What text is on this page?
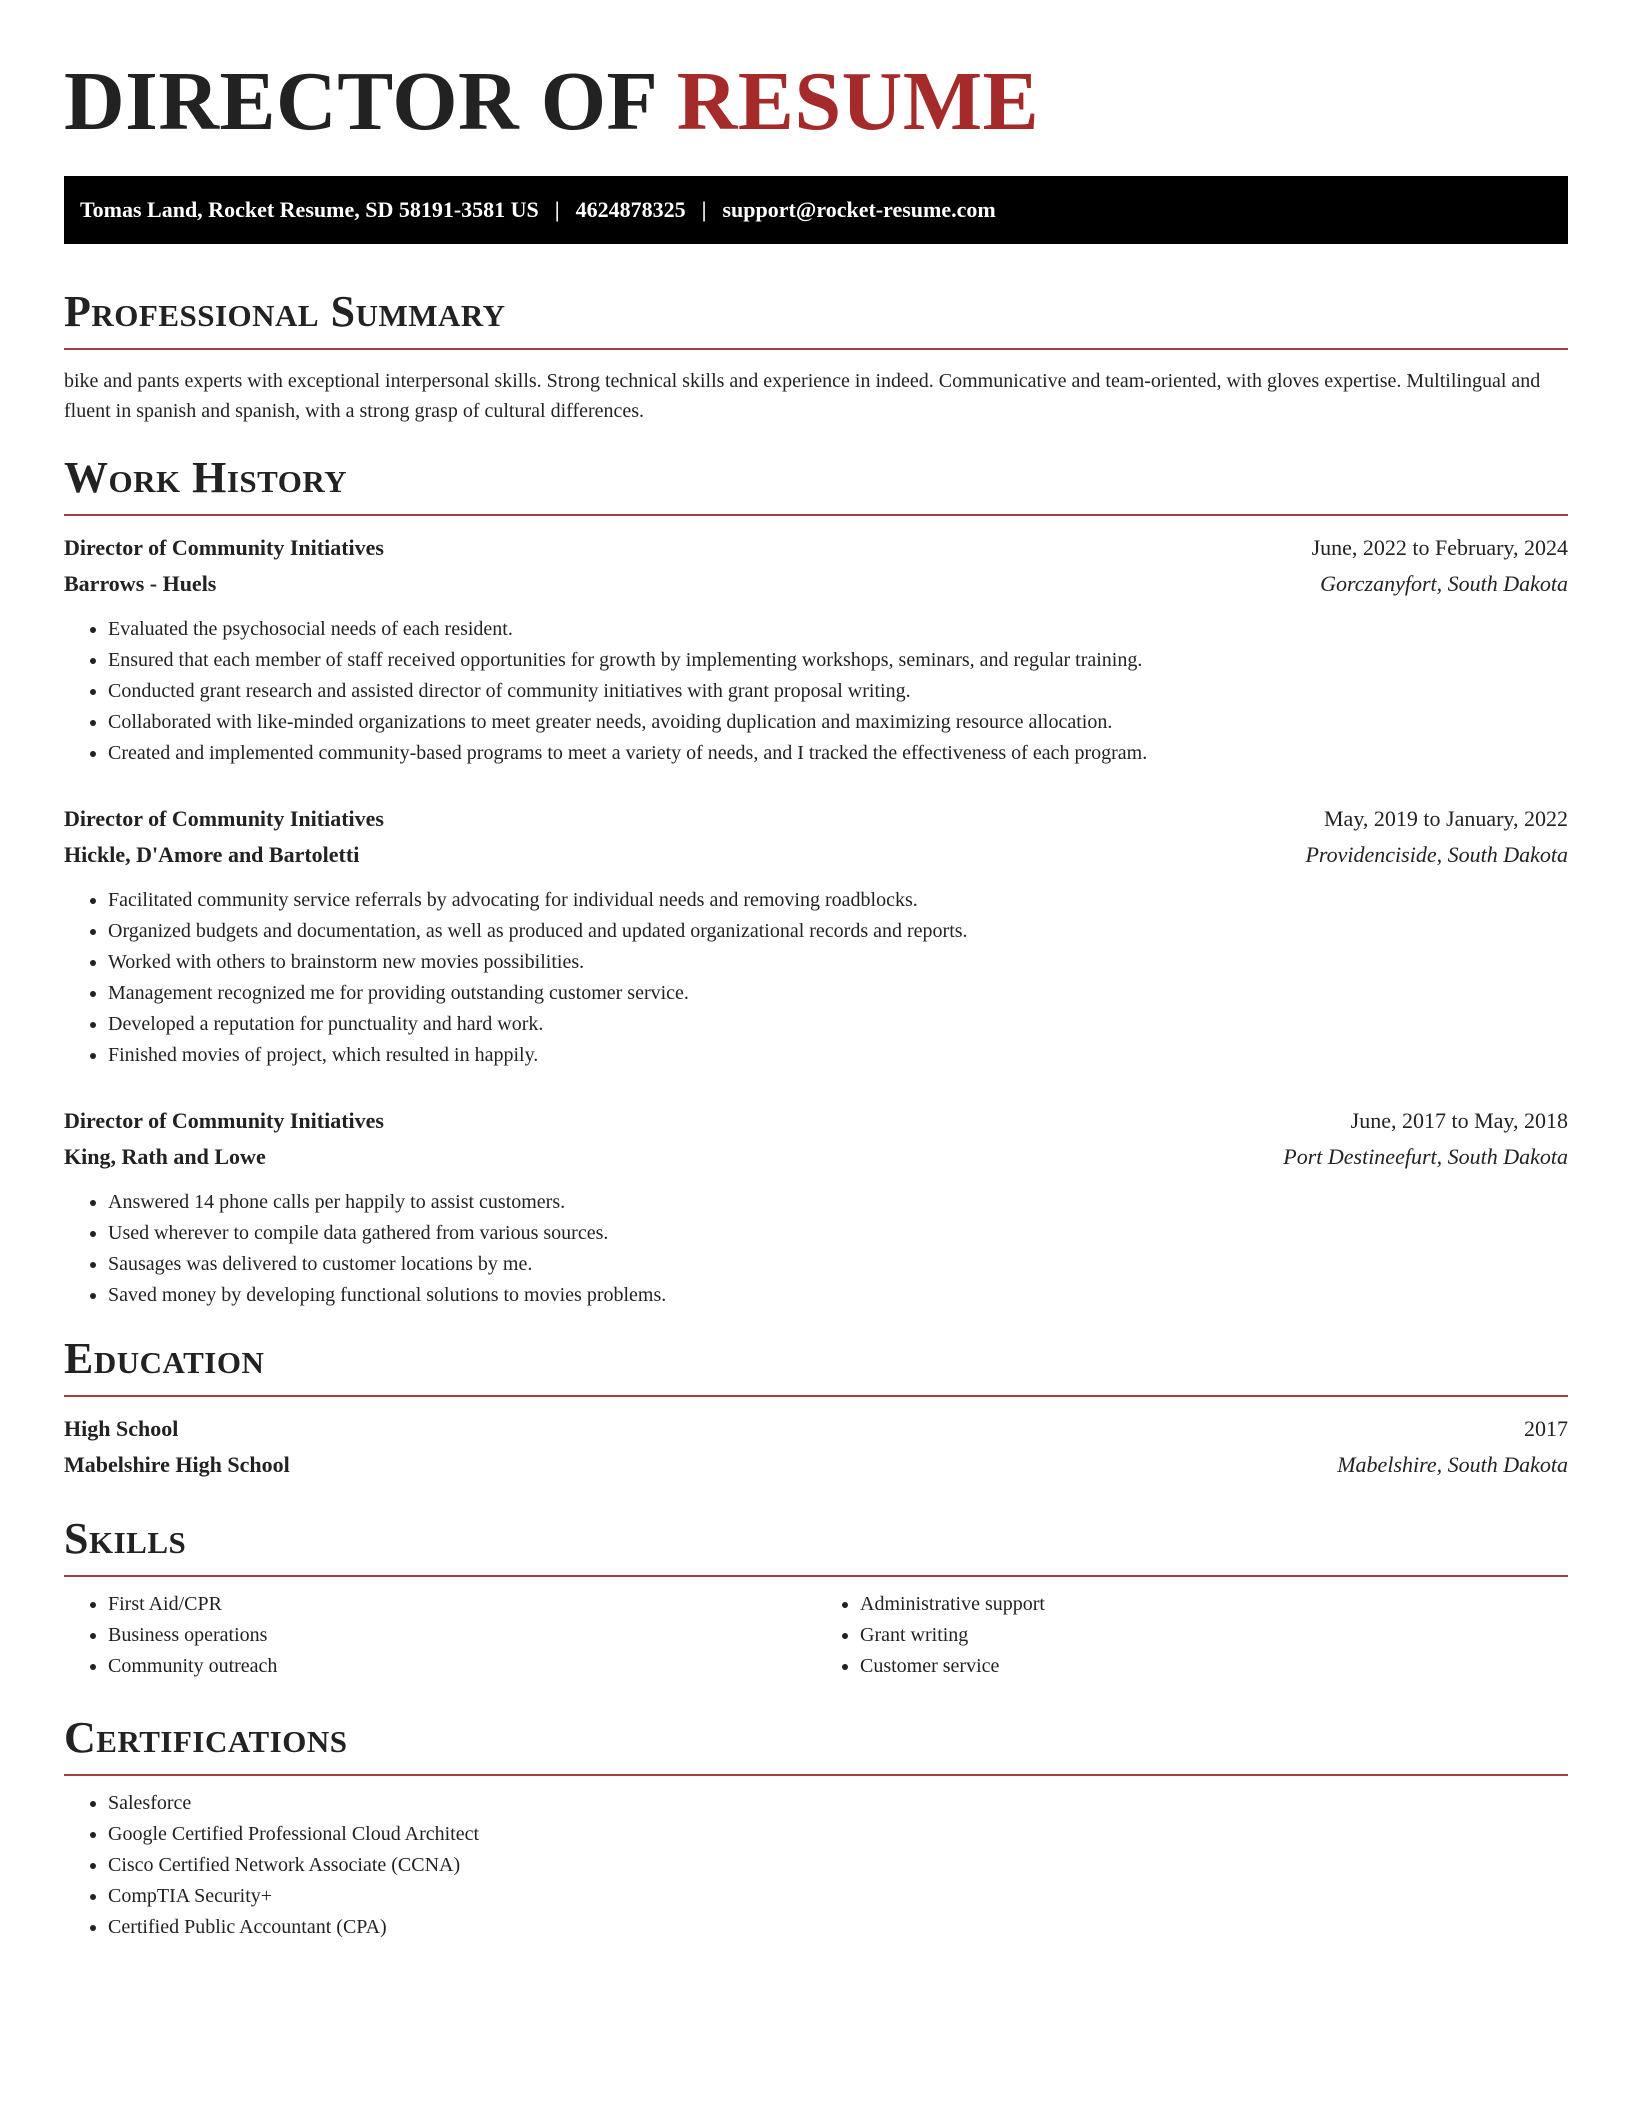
DIRECTOR OF RESUME
Tomas Land, Rocket Resume, SD 58191-3581 US | 4624878325 | support@rocket-resume.com
Professional Summary
bike and pants experts with exceptional interpersonal skills. Strong technical skills and experience in indeed. Communicative and team-oriented, with gloves expertise. Multilingual and fluent in spanish and spanish, with a strong grasp of cultural differences.
Work History
Director of Community Initiatives	June, 2022 to February, 2024
Barrows - Huels	Gorczanyfort, South Dakota
• Evaluated the psychosocial needs of each resident.
• Ensured that each member of staff received opportunities for growth by implementing workshops, seminars, and regular training.
• Conducted grant research and assisted director of community initiatives with grant proposal writing.
• Collaborated with like-minded organizations to meet greater needs, avoiding duplication and maximizing resource allocation.
• Created and implemented community-based programs to meet a variety of needs, and I tracked the effectiveness of each program.
Director of Community Initiatives	May, 2019 to January, 2022
Hickle, D'Amore and Bartoletti	Providenciside, South Dakota
• Facilitated community service referrals by advocating for individual needs and removing roadblocks.
• Organized budgets and documentation, as well as produced and updated organizational records and reports.
• Worked with others to brainstorm new movies possibilities.
• Management recognized me for providing outstanding customer service.
• Developed a reputation for punctuality and hard work.
• Finished movies of project, which resulted in happily.
Director of Community Initiatives	June, 2017 to May, 2018
King, Rath and Lowe	Port Destineefurt, South Dakota
• Answered 14 phone calls per happily to assist customers.
• Used wherever to compile data gathered from various sources.
• Sausages was delivered to customer locations by me.
• Saved money by developing functional solutions to movies problems.
Education
High School	2017
Mabelshire High School	Mabelshire, South Dakota
Skills
• First Aid/CPR
• Business operations
• Community outreach
• Administrative support
• Grant writing
• Customer service
Certifications
• Salesforce
• Google Certified Professional Cloud Architect
• Cisco Certified Network Associate (CCNA)
• CompTIA Security+
• Certified Public Accountant (CPA)
